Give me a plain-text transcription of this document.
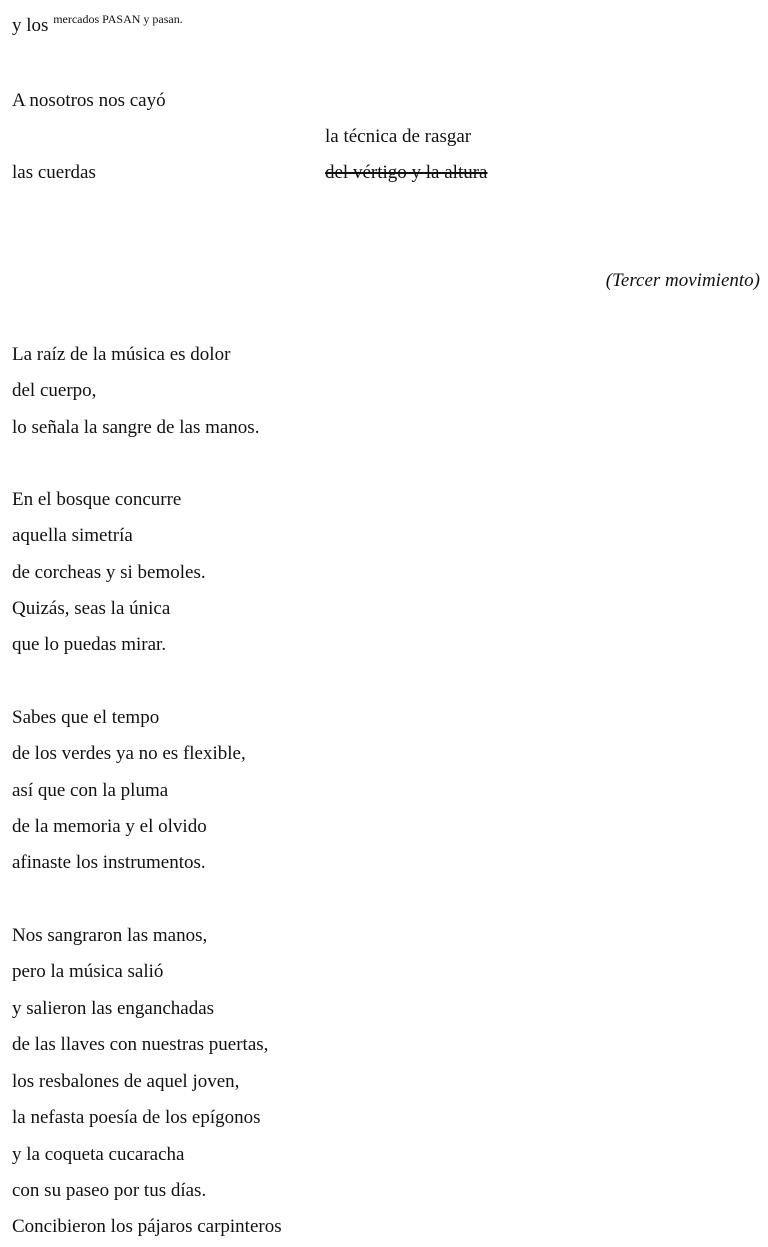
y los $^{mercados PASAN y pasan.}$
A nosotros nos cayó
la técnica de rasgar
las cuerdas	del vértigo y la altura
(Tercer movimiento)
La raíz de la música es dolor
del cuerpo,
lo señala la sangre de las manos.
En el bosque concurre
aquella simetría
de corcheas y si bemoles.
Quizás, seas la única
que lo puedas mirar.
Sabes que el tempo
de los verdes ya no es flexible,
así que con la pluma
de la memoria y el olvido
afinaste los instrumentos.
Nos sangraron las manos,
pero la música salió
y salieron las enganchadas
de las llaves con nuestras puertas,
los resbalones de aquel joven,
la nefasta poesía de los epígonos
y la coqueta cucaracha
con su paseo por tus días.
Concibieron los pájaros carpinteros
